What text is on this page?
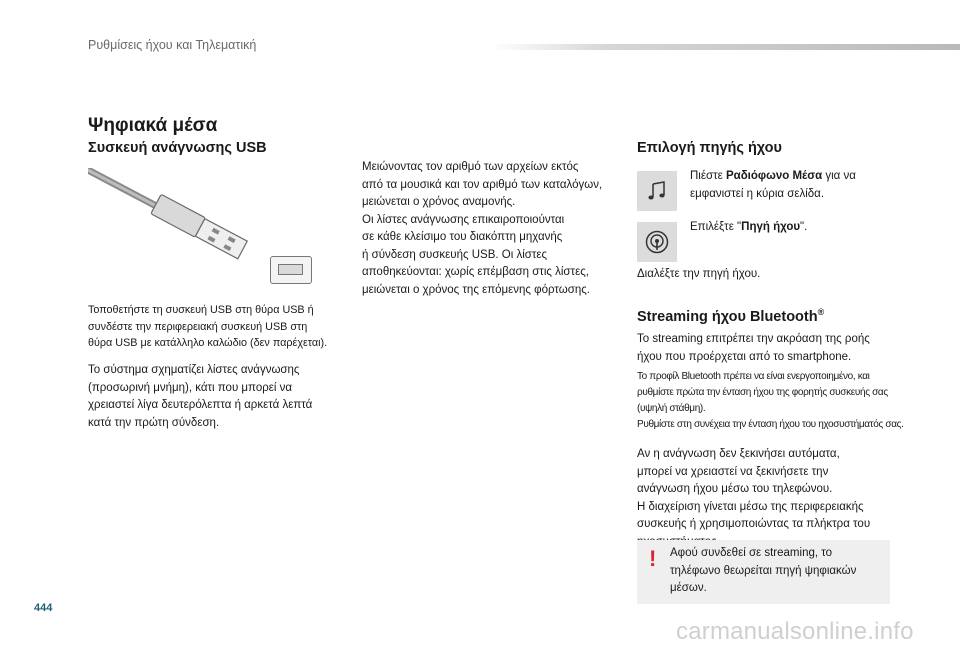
Ρυθμίσεις ήχου και Τηλεματική
Ψηφιακά μέσα
Συσκευή ανάγνωσης USB
Τοποθετήστε τη συσκευή USB στη θύρα USB ή
συνδέστε την περιφερειακή συσκευή USB στη
θύρα USB με κατάλληλο καλώδιο (δεν παρέχεται).
Το σύστημα σχηματίζει λίστες ανάγνωσης
(προσωρινή μνήμη), κάτι που μπορεί να
χρειαστεί λίγα δευτερόλεπτα ή αρκετά λεπτά
κατά την πρώτη σύνδεση.
Μειώνοντας τον αριθμό των αρχείων εκτός
από τα μουσικά και τον αριθμό των καταλόγων,
μειώνεται ο χρόνος αναμονής.
Οι λίστες ανάγνωσης επικαιροποιούνται
σε κάθε κλείσιμο του διακόπτη μηχανής
ή σύνδεση συσκευής USB. Οι λίστες
αποθηκεύονται: χωρίς επέμβαση στις λίστες,
μειώνεται ο χρόνος της επόμενης φόρτωσης.
Επιλογή πηγής ήχου
Πιέστε Ραδιόφωνο Μέσα για να
εμφανιστεί η κύρια σελίδα.
Επιλέξτε "Πηγή ήχου".
Διαλέξτε την πηγή ήχου.
Streaming ήχου Bluetooth®
Το streaming επιτρέπει την ακρόαση της ροής
ήχου που προέρχεται από το smartphone.
Το προφίλ Bluetooth πρέπει να είναι ενεργοποιημένο, και
ρυθμίστε πρώτα την ένταση ήχου της φορητής συσκευής σας
(υψηλή στάθμη).
Ρυθμίστε στη συνέχεια την ένταση ήχου του ηχοσυστήματός σας.
Αν η ανάγνωση δεν ξεκινήσει αυτόματα,
μπορεί να χρειαστεί να ξεκινήσετε την
ανάγνωση ήχου μέσω του τηλεφώνου.
Η διαχείριση γίνεται μέσω της περιφερειακής
συσκευής ή χρησιμοποιώντας τα πλήκτρα του
! Αφού συνδεθεί σε streaming, το
τηλέφωνο θεωρείται πηγή ψηφιακών
μέσων.
444
carmanualsonline.info
